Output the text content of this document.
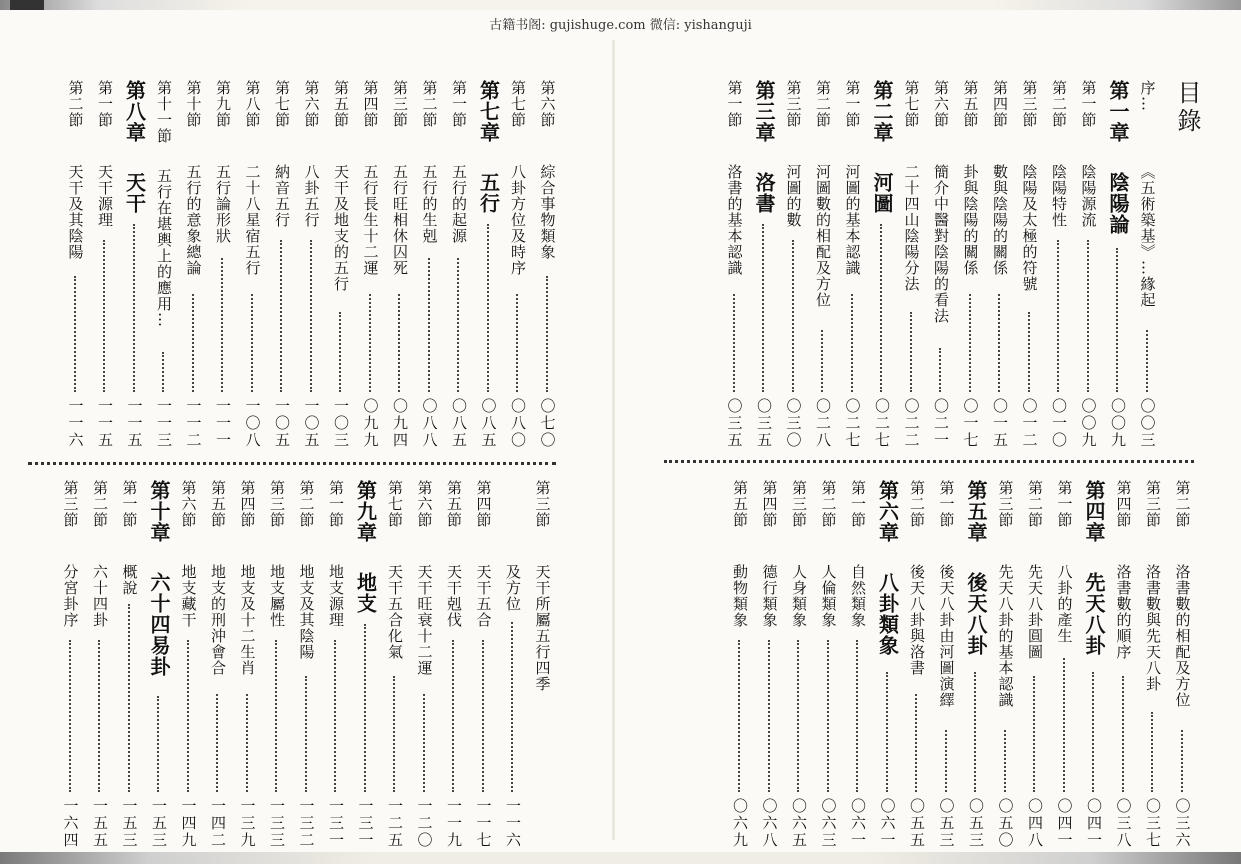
古籍书阁: gujishuge.com 微信: yishanguji
目錄
序…
《五術築基》…緣起
〇〇三
第一章
陰陽論
〇〇九
第一節
陰陽源流
〇〇九
第二節
陰陽特性
〇一〇
第三節
陰陽及太極的符號
〇一二
第四節
數與陰陽的關係
〇一五
第五節
卦與陰陽的關係
〇一七
第六節
簡介中醫對陰陽的看法
〇二一
第七節
二十四山陰陽分法
〇二二
第二章
河圖
〇二七
第一節
河圖的基本認識
〇二七
第二節
河圖數的相配及方位
〇二八
第三節
河圖的數
〇三〇
第三章
洛書
〇三五
第一節
洛書的基本認識
〇三五
第六節
綜合事物類象
〇七〇
第七節
八卦方位及時序
〇八〇
第七章
五行
〇八五
第一節
五行的起源
〇八五
第二節
五行的生剋
〇八八
第三節
五行旺相休囚死
〇九四
第四節
五行長生十二運
〇九九
第五節
天干及地支的五行
一〇三
第六節
八卦五行
一〇五
第七節
納音五行
一〇五
第八節
二十八星宿五行
一〇八
第九節
五行論形狀
一一一
第十節
五行的意象總論
一一二
第十一節
五行在堪輿上的應用…
一一三
第八章
天干
一一五
第一節
天干源理
一一五
第二節
天干及其陰陽
一一六
第二節
洛書數的相配及方位
〇三六
第三節
洛書數與先天八卦
〇三七
第四節
洛書數的順序
〇三八
第四章
先天八卦
〇四一
第一節
八卦的產生
〇四一
第二節
先天八卦圓圖
〇四八
第三節
先天八卦的基本認識
〇五〇
第五章
後天八卦
〇五三
第一節
後天八卦由河圖演繹
〇五三
第二節
後天八卦與洛書
〇五五
第六章
八卦類象
〇六一
第一節
自然類象
〇六一
第二節
人倫類象
〇六三
第三節
人身類象
〇六五
第四節
德行類象
〇六八
第五節
動物類象
〇六九
第三節
天干所屬五行四季
及方位
一一六
第四節
天干五合
一一七
第五節
天干剋伐
一一九
第六節
天干旺衰十二運
一二〇
第七節
天干五合化氣
一二五
第九章
地支
一三一
第一節
地支源理
一三一
第二節
地支及其陰陽
一三二
第三節
地支屬性
一三三
第四節
地支及十二生肖
一三九
第五節
地支的刑沖會合
一四二
第六節
地支藏干
一四九
第十章
六十四易卦
一五三
第一節
概說
一五三
第二節
六十四卦
一五五
第三節
分宮卦序
一六四
